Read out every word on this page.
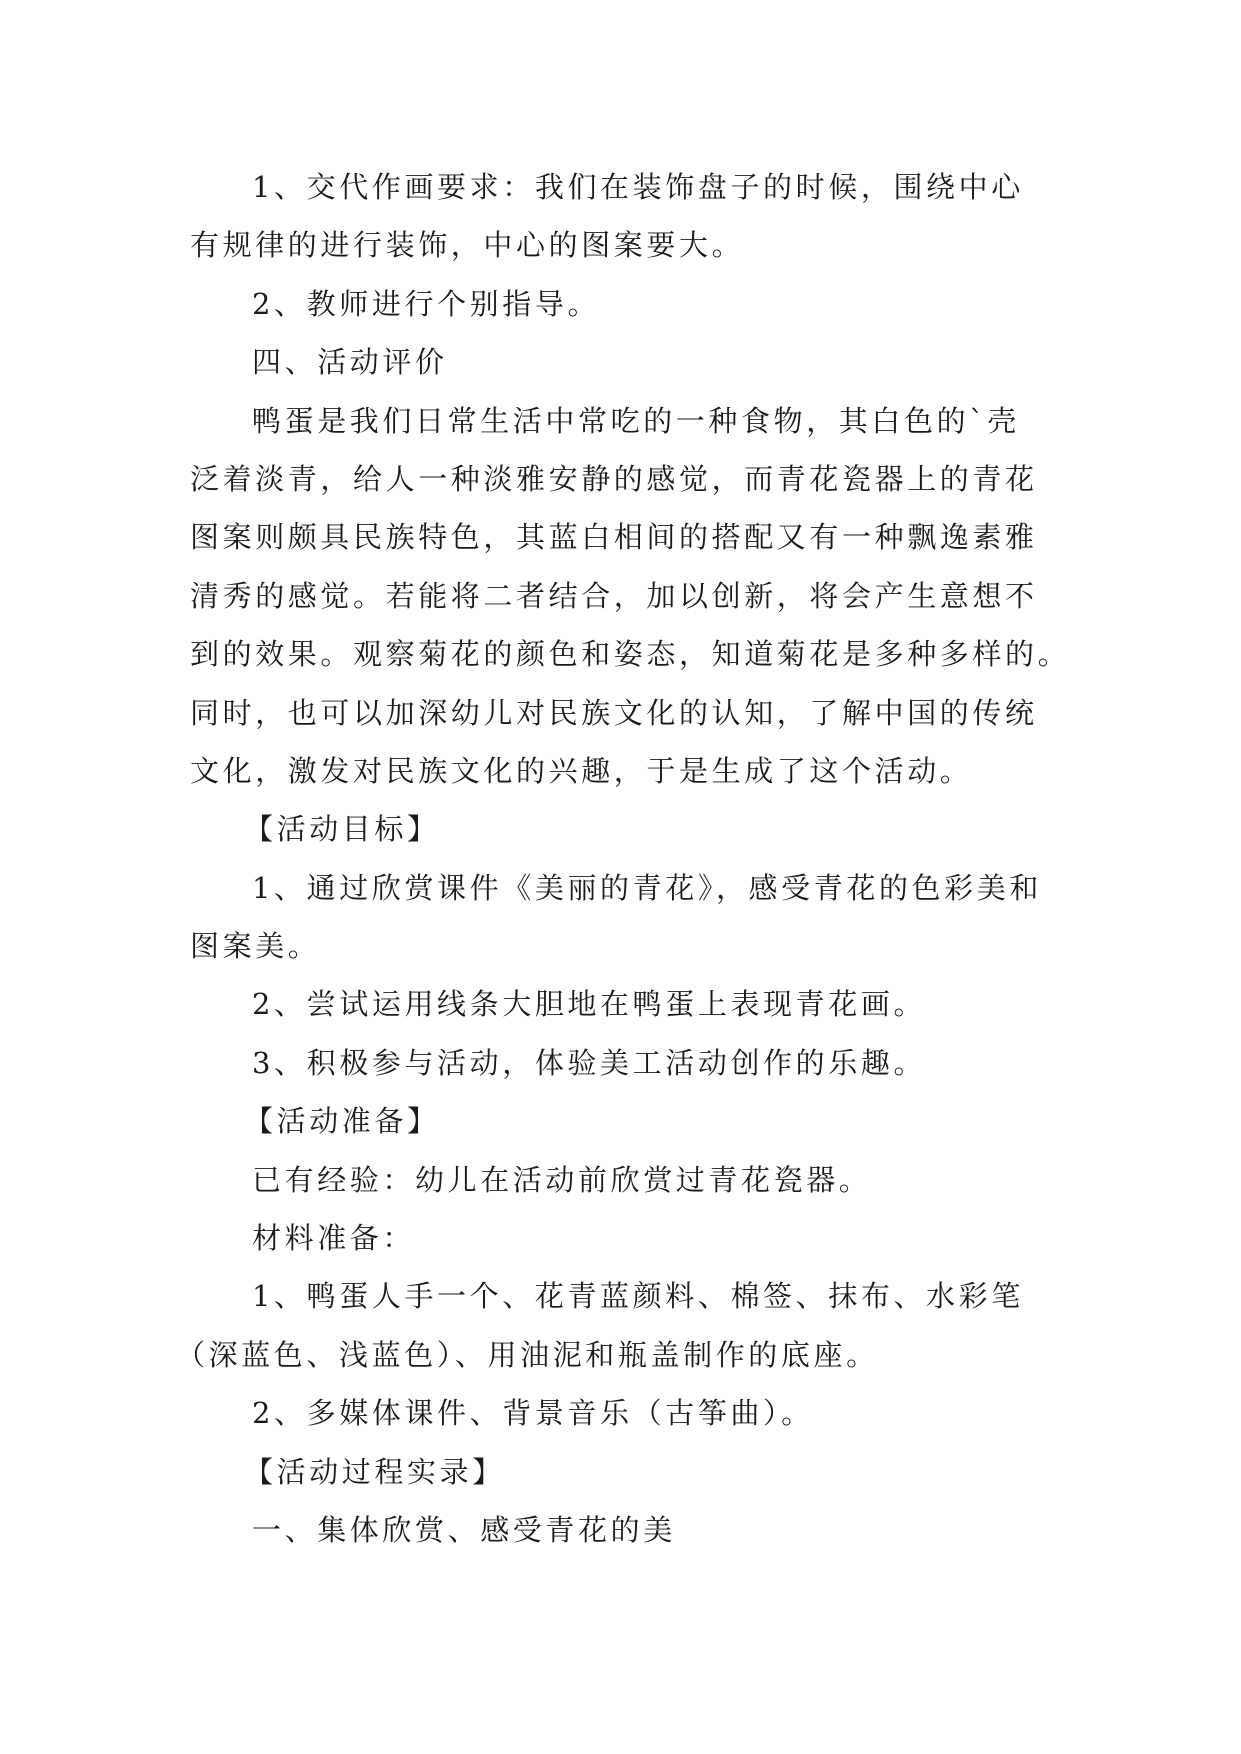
1、交代作画要求：我们在装饰盘子的时候，围绕中心
有规律的进行装饰，中心的图案要大。
2、教师进行个别指导。
四、活动评价
鸭蛋是我们日常生活中常吃的一种食物，其白色的`壳
泛着淡青，给人一种淡雅安静的感觉，而青花瓷器上的青花
图案则颇具民族特色，其蓝白相间的搭配又有一种飘逸素雅
清秀的感觉。若能将二者结合，加以创新，将会产生意想不
到的效果。观察菊花的颜色和姿态，知道菊花是多种多样的。
同时，也可以加深幼儿对民族文化的认知，了解中国的传统
文化，激发对民族文化的兴趣，于是生成了这个活动。
【活动目标】
1、通过欣赏课件《美丽的青花》，感受青花的色彩美和
图案美。
2、尝试运用线条大胆地在鸭蛋上表现青花画。
3、积极参与活动，体验美工活动创作的乐趣。
【活动准备】
已有经验：幼儿在活动前欣赏过青花瓷器。
材料准备：
1、鸭蛋人手一个、花青蓝颜料、棉签、抹布、水彩笔
（深蓝色、浅蓝色）、用油泥和瓶盖制作的底座。
2、多媒体课件、背景音乐（古筝曲）。
【活动过程实录】
一、集体欣赏、感受青花的美
